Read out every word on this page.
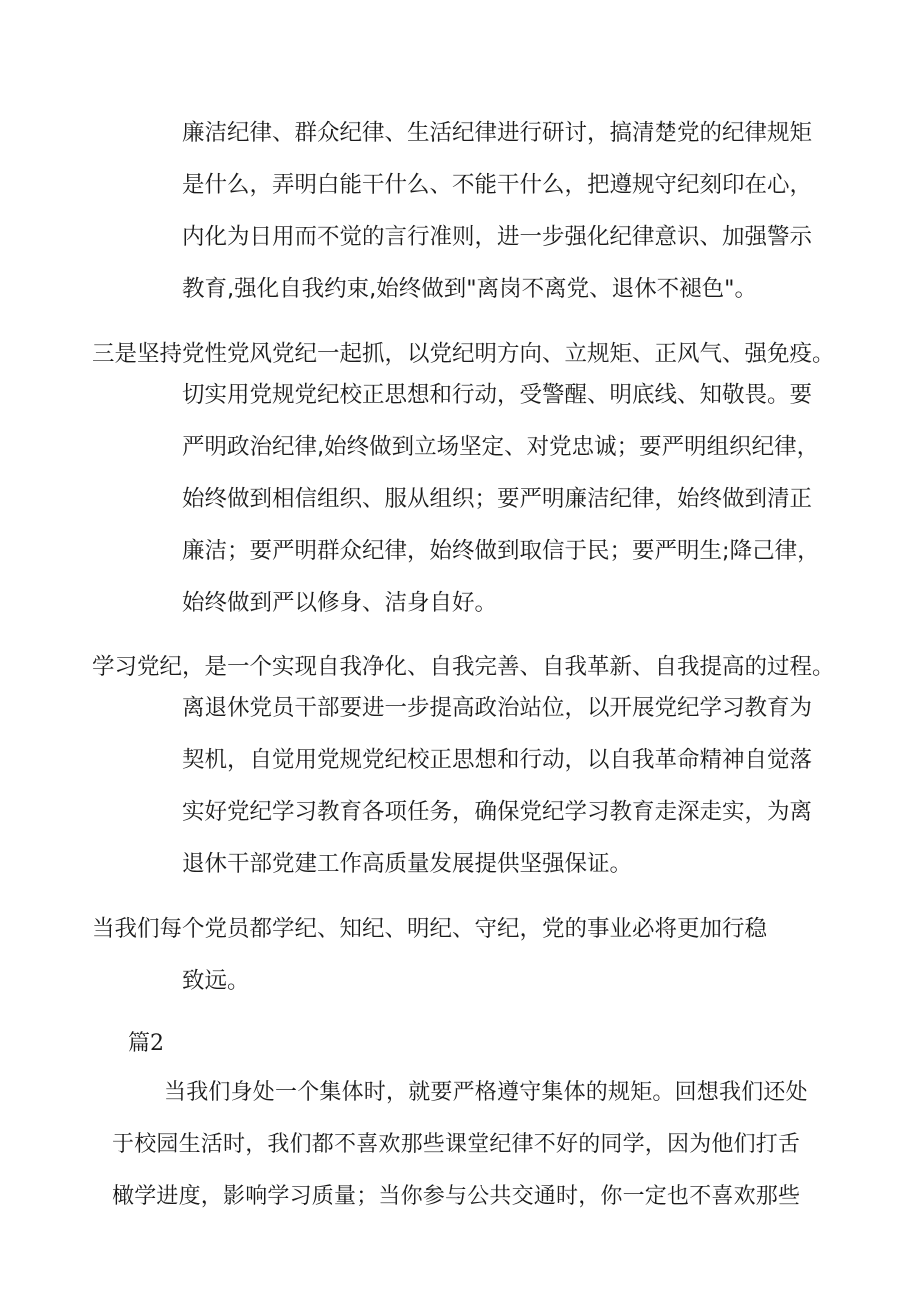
廉洁纪律、群众纪律、生活纪律进行研讨，搞清楚党的纪律规矩
是什么，弄明白能干什么、不能干什么，把遵规守纪刻印在心，
内化为日用而不觉的言行准则，进一步强化纪律意识、加强警示
教育,强化自我约束,始终做到"离岗不离党、退休不褪色"。
三是坚持党性党风党纪一起抓，以党纪明方向、立规矩、正风气、强免疫。
切实用党规党纪校正思想和行动，受警醒、明底线、知敬畏。要
严明政治纪律,始终做到立场坚定、对党忠诚；要严明组织纪律，
始终做到相信组织、服从组织；要严明廉洁纪律，始终做到清正
廉洁；要严明群众纪律，始终做到取信于民；要严明生;降己律，
始终做到严以修身、洁身自好。
学习党纪，是一个实现自我净化、自我完善、自我革新、自我提高的过程。
离退休党员干部要进一步提高政治站位，以开展党纪学习教育为
契机，自觉用党规党纪校正思想和行动，以自我革命精神自觉落
实好党纪学习教育各项任务，确保党纪学习教育走深走实，为离
退休干部党建工作高质量发展提供坚强保证。
当我们每个党员都学纪、知纪、明纪、守纪，党的事业必将更加行稳
致远。
篇2
当我们身处一个集体时，就要严格遵守集体的规矩。回想我们还处
于校园生活时，我们都不喜欢那些课堂纪律不好的同学，因为他们打舌
橄学进度，影响学习质量；当你参与公共交通时，你一定也不喜欢那些
